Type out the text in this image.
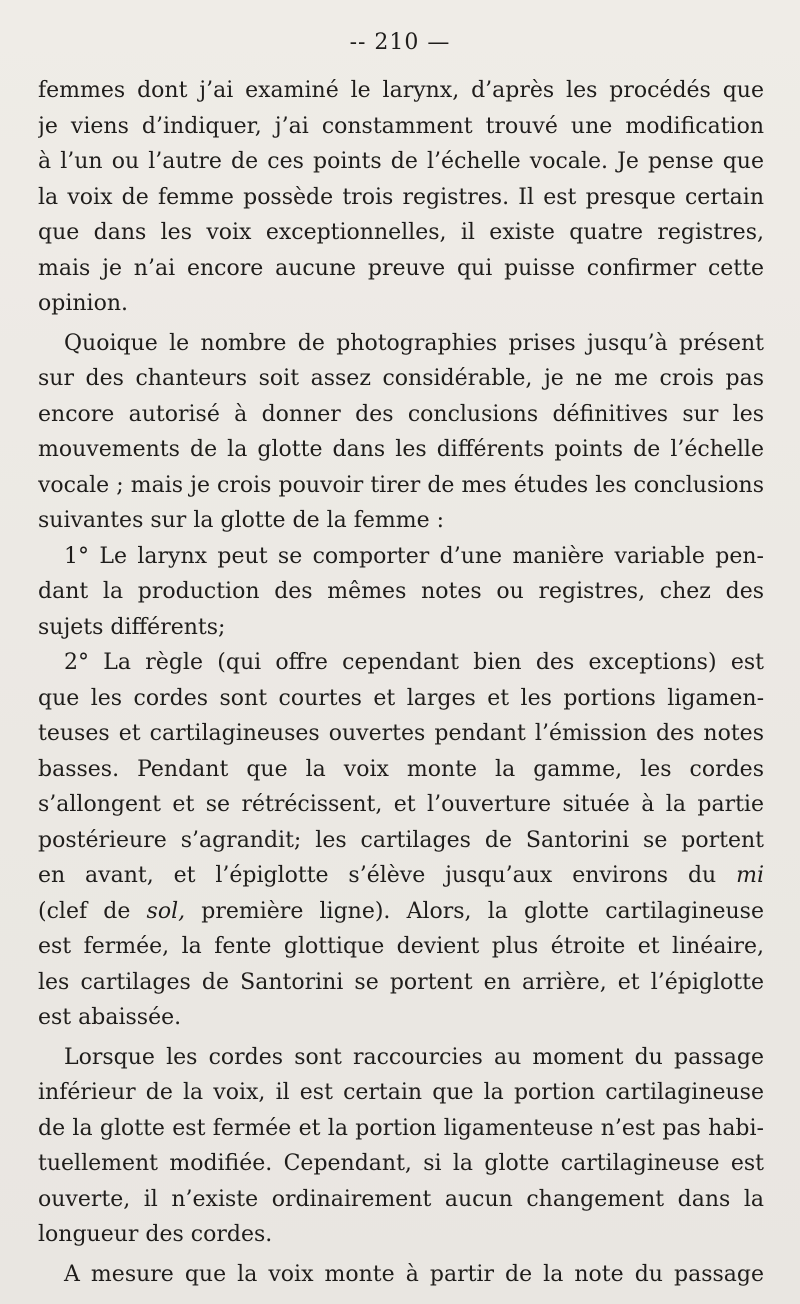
-- 210 —
femmes dont j’ai examiné le larynx, d’après les procédés que
je viens d’indiquer, j’ai constamment trouvé une modification
à l’un ou l’autre de ces points de l’échelle vocale. Je pense que
la voix de femme possède trois registres. Il est presque certain
que dans les voix exceptionnelles, il existe quatre registres,
mais je n’ai encore aucune preuve qui puisse confirmer cette
opinion.
Quoique le nombre de photographies prises jusqu’à présent
sur des chanteurs soit assez considérable, je ne me crois pas
encore autorisé à donner des conclusions définitives sur les
mouvements de la glotte dans les différents points de l’échelle
vocale ; mais je crois pouvoir tirer de mes études les conclusions
suivantes sur la glotte de la femme :
1° Le larynx peut se comporter d’une manière variable pen-
dant la production des mêmes notes ou registres, chez des
sujets différents;
2° La règle (qui offre cependant bien des exceptions) est
que les cordes sont courtes et larges et les portions ligamen-
teuses et cartilagineuses ouvertes pendant l’émission des notes
basses. Pendant que la voix monte la gamme, les cordes
s’allongent et se rétrécissent, et l’ouverture située à la partie
postérieure s’agrandit; les cartilages de Santorini se portent
en avant, et l’épiglotte s’élève jusqu’aux environs du mi
(clef de sol, première ligne). Alors, la glotte cartilagineuse
est fermée, la fente glottique devient plus étroite et linéaire,
les cartilages de Santorini se portent en arrière, et l’épiglotte
est abaissée.
Lorsque les cordes sont raccourcies au moment du passage
inférieur de la voix, il est certain que la portion cartilagineuse
de la glotte est fermée et la portion ligamenteuse n’est pas habi-
tuellement modifiée. Cependant, si la glotte cartilagineuse est
ouverte, il n’existe ordinairement aucun changement dans la
longueur des cordes.
A mesure que la voix monte à partir de la note du passage
